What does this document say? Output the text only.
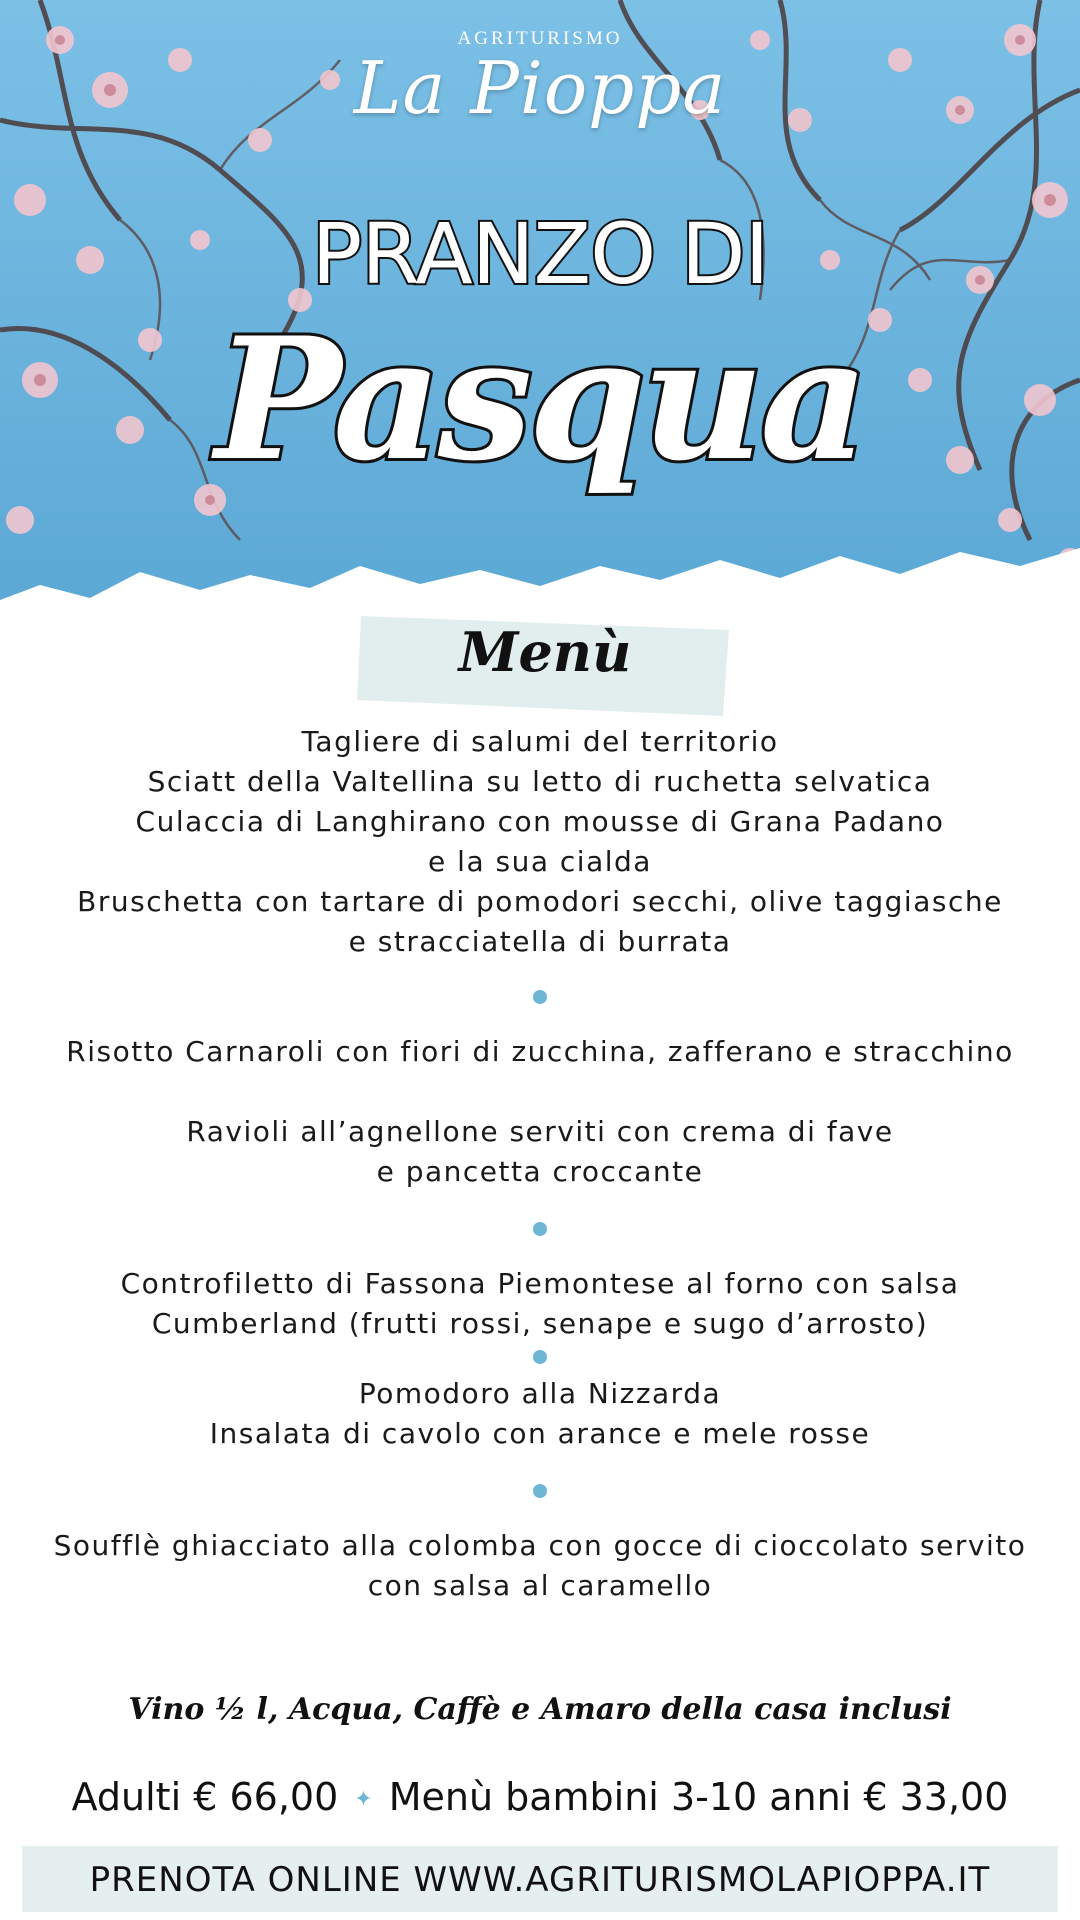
AGRITURISMO
La Pioppa
PRANZO DI
Pasqua
Menù

Tagliere di salumi del territorio

Sciatt della Valtellina su letto di ruchetta selvatica

Culaccia di Langhirano con mousse di Grana Padano

e la sua cialda

Bruschetta con tartare di pomodori secchi, olive taggiasche

e stracciatella di burrata

Risotto Carnaroli con fiori di zucchina, zafferano e stracchino

Ravioli all’agnellone serviti con crema di fave

e pancetta croccante

Controfiletto di Fassona Piemontese al forno con salsa

Cumberland (frutti rossi, senape e sugo d’arrosto)

Pomodoro alla Nizzarda

Insalata di cavolo con arance e mele rosse

Soufflè ghiacciato alla colomba con gocce di cioccolato servito

con salsa al caramello

Vino ½ l, Acqua, Caffè e Amaro della casa inclusi
Adulti € 66,00 ✦ Menù bambini 3-10 anni € 33,00
PRENOTA ONLINE WWW.AGRITURISMOLAPIOPPA.IT
